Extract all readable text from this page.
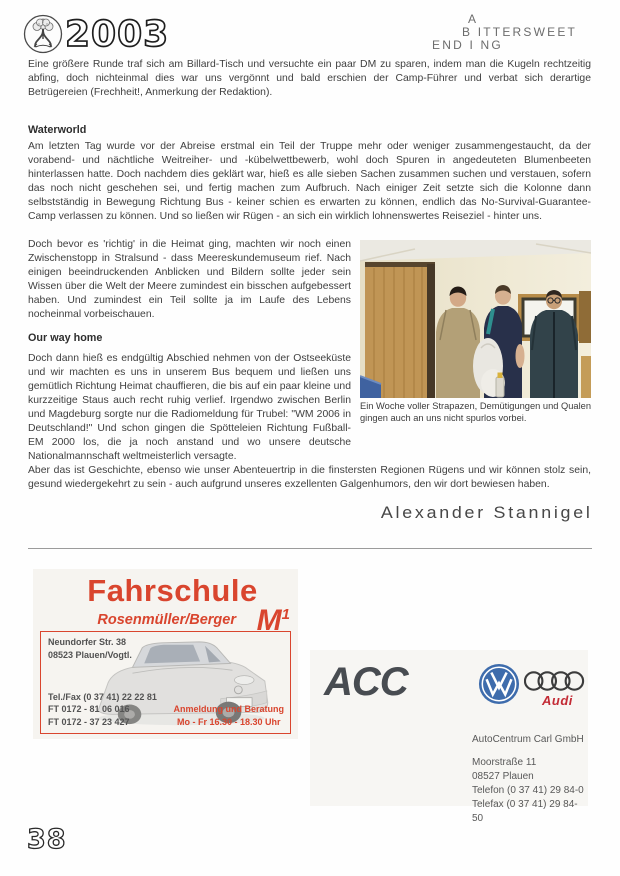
2003	A
B ITTERSWEET
END I NG

Eine größere Runde traf sich am Billard-Tisch und versuchte ein paar DM zu sparen, indem man die Kugeln rechtzeitig abfing, doch nichteinmal dies war uns vergönnt und bald erschien der Camp-Führer und verbat sich derartige Betrügereien (Frechheit!, Anmerkung der Redaktion).

Waterworld

Am letzten Tag wurde vor der Abreise erstmal ein Teil der Truppe mehr oder weniger zusammengestaucht, da der vorabend- und nächtliche Weitreiher- und -kübelwettbewerb, wohl doch Spuren in angedeuteten Blumenbeeten hinterlassen hatte. Doch nachdem dies geklärt war, hieß es alle sieben Sachen zusammen suchen und verstauen, sofern das noch nicht geschehen sei, und fertig machen zum Aufbruch. Nach einiger Zeit setzte sich die Kolonne dann selbstständig in Bewegung Richtung Bus - keiner schien es erwarten zu können, endlich das No-Survival-Guarantee-Camp verlassen zu können. Und so ließen wir Rügen - an sich ein wirklich lohnenswertes Reiseziel - hinter uns.

Ein Woche voller Strapazen, Demütigungen und Qualen gingen auch an uns nicht spurlos vorbei.

Doch bevor es 'richtig' in die Heimat ging, machten wir noch einen Zwischenstopp in Stralsund - dass Meereskundemuseum rief. Nach einigen beeindruckenden Anblicken und Bildern sollte jeder sein Wissen über die Welt der Meere zumindest ein bisschen aufgebessert haben. Und zumindest ein Teil sollte ja im Laufe des Lebens nocheinmal vorbeischauen.

Our way home

Doch dann hieß es endgültig Abschied nehmen von der Ostseeküste und wir machten es uns in unserem Bus bequem und ließen uns gemütlich Richtung Heimat chauffieren, die bis auf ein paar kleine und kurzzeitige Staus auch recht ruhig verlief. Irgendwo zwischen Berlin und Magdeburg sorgte nur die Radiomeldung für Trubel: "WM 2006 in Deutschland!" Und schon gingen die Spötteleien Richtung Fußball-EM 2000 los, die ja noch anstand und wo unsere deutsche Nationalmannschaft weltmeisterlich versagte.

Aber das ist Geschichte, ebenso wie unser Abenteuertrip in die finstersten Regionen Rügens und wir können stolz sein, gesund wiedergekehrt zu sein - auch aufgrund unseres exzellenten Galgenhumors, den wir dort bewiesen haben.

Alexander Stannigel
Fahrschule
Rosenmüller/Berger $M^1$
Neundorfer Str. 38
08523 Plauen/Vogtl.
Tel./Fax (0 37 41) 22 22 81
FT 0172 - 81 06 016
FT 0172 - 37 23 427
Anmeldung und Beratung
Mo - Fr 16.30 - 18.30 Uhr
ACC	Audi
AutoCentrum Carl GmbH
Moorstraße 11
08527 Plauen
Telefon (0 37 41) 29 84-0
Telefax (0 37 41) 29 84-50
38
